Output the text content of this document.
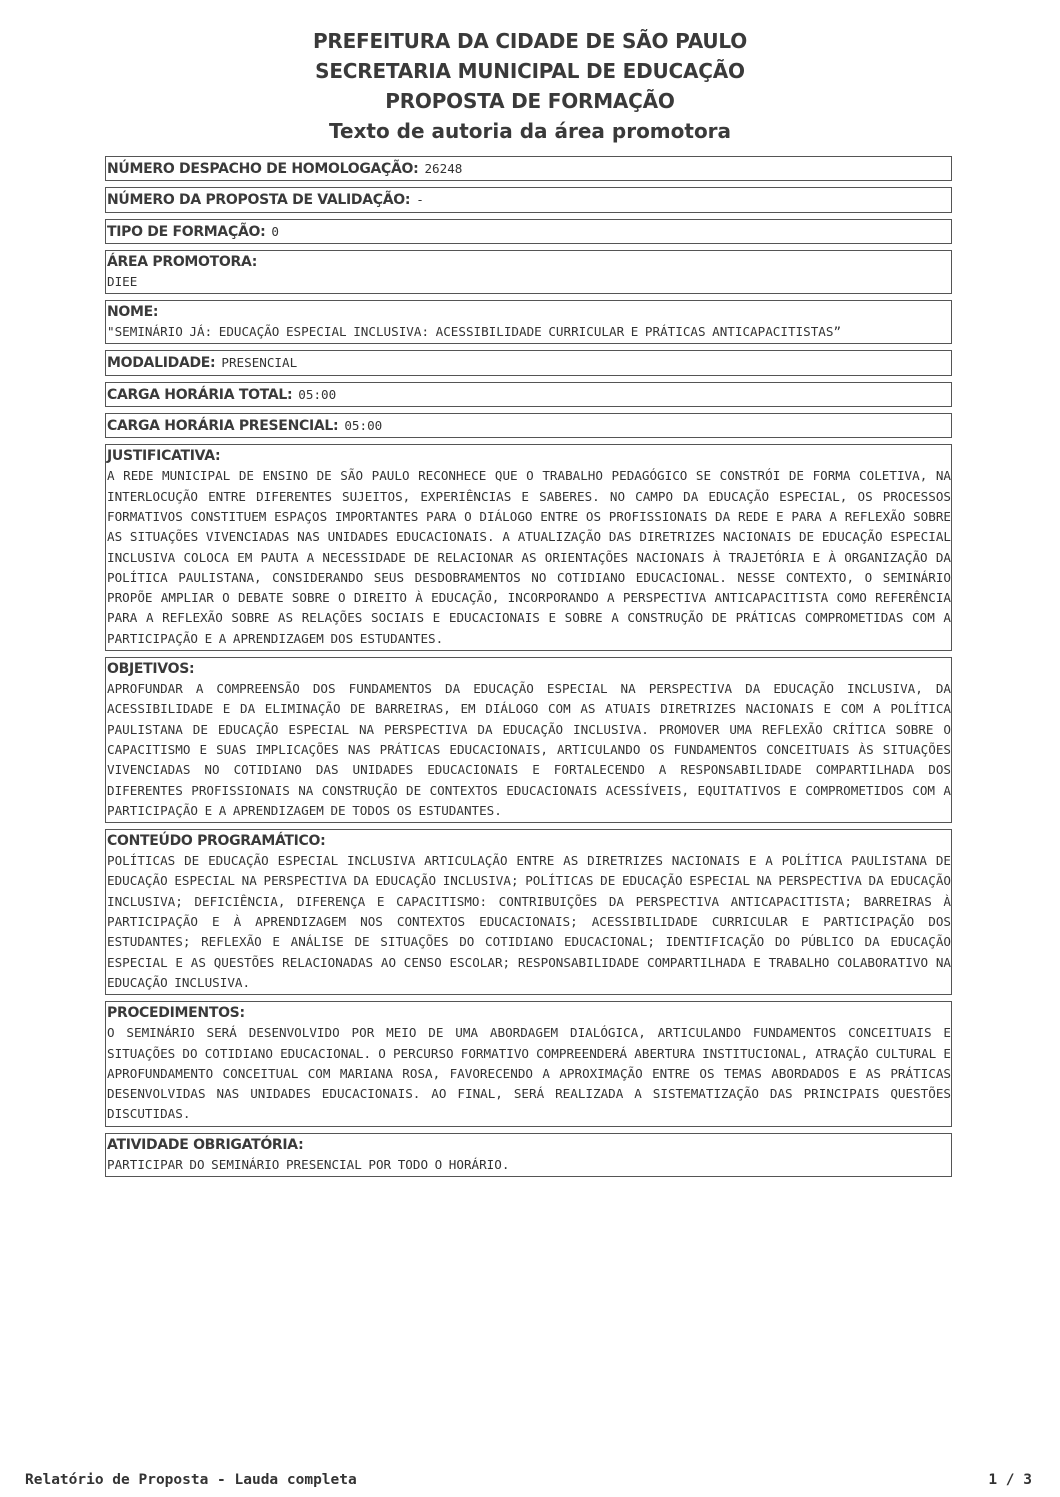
PREFEITURA DA CIDADE DE SÃO PAULO
SECRETARIA MUNICIPAL DE EDUCAÇÃO
PROPOSTA DE FORMAÇÃO
Texto de autoria da área promotora
NÚMERO DESPACHO DE HOMOLOGAÇÃO: 26248
NÚMERO DA PROPOSTA DE VALIDAÇÃO: -
TIPO DE FORMAÇÃO: 0
ÁREA PROMOTORA:
DIEE
NOME:
"SEMINÁRIO JÁ: EDUCAÇÃO ESPECIAL INCLUSIVA: ACESSIBILIDADE CURRICULAR E PRÁTICAS ANTICAPACITISTAS”
MODALIDADE: PRESENCIAL
CARGA HORÁRIA TOTAL: 05:00
CARGA HORÁRIA PRESENCIAL: 05:00
JUSTIFICATIVA:
A REDE MUNICIPAL DE ENSINO DE SÃO PAULO RECONHECE QUE O TRABALHO PEDAGÓGICO SE CONSTRÓI DE FORMA COLETIVA, NA INTERLOCUÇÃO ENTRE DIFERENTES SUJEITOS, EXPERIÊNCIAS E SABERES. NO CAMPO DA EDUCAÇÃO ESPECIAL, OS PROCESSOS FORMATIVOS CONSTITUEM ESPAÇOS IMPORTANTES PARA O DIÁLOGO ENTRE OS PROFISSIONAIS DA REDE E PARA A REFLEXÃO SOBRE AS SITUAÇÕES VIVENCIADAS NAS UNIDADES EDUCACIONAIS. A ATUALIZAÇÃO DAS DIRETRIZES NACIONAIS DE EDUCAÇÃO ESPECIAL INCLUSIVA COLOCA EM PAUTA A NECESSIDADE DE RELACIONAR AS ORIENTAÇÕES NACIONAIS À TRAJETÓRIA E À ORGANIZAÇÃO DA POLÍTICA PAULISTANA, CONSIDERANDO SEUS DESDOBRAMENTOS NO COTIDIANO EDUCACIONAL. NESSE CONTEXTO, O SEMINÁRIO PROPÕE AMPLIAR O DEBATE SOBRE O DIREITO À EDUCAÇÃO, INCORPORANDO A PERSPECTIVA ANTICAPACITISTA COMO REFERÊNCIA PARA A REFLEXÃO SOBRE AS RELAÇÕES SOCIAIS E EDUCACIONAIS E SOBRE A CONSTRUÇÃO DE PRÁTICAS COMPROMETIDAS COM A PARTICIPAÇÃO E A APRENDIZAGEM DOS ESTUDANTES.
OBJETIVOS:
APROFUNDAR A COMPREENSÃO DOS FUNDAMENTOS DA EDUCAÇÃO ESPECIAL NA PERSPECTIVA DA EDUCAÇÃO INCLUSIVA, DA ACESSIBILIDADE E DA ELIMINAÇÃO DE BARREIRAS, EM DIÁLOGO COM AS ATUAIS DIRETRIZES NACIONAIS E COM A POLÍTICA PAULISTANA DE EDUCAÇÃO ESPECIAL NA PERSPECTIVA DA EDUCAÇÃO INCLUSIVA. PROMOVER UMA REFLEXÃO CRÍTICA SOBRE O CAPACITISMO E SUAS IMPLICAÇÕES NAS PRÁTICAS EDUCACIONAIS, ARTICULANDO OS FUNDAMENTOS CONCEITUAIS ÀS SITUAÇÕES VIVENCIADAS NO COTIDIANO DAS UNIDADES EDUCACIONAIS E FORTALECENDO A RESPONSABILIDADE COMPARTILHADA DOS DIFERENTES PROFISSIONAIS NA CONSTRUÇÃO DE CONTEXTOS EDUCACIONAIS ACESSÍVEIS, EQUITATIVOS E COMPROMETIDOS COM A PARTICIPAÇÃO E A APRENDIZAGEM DE TODOS OS ESTUDANTES.
CONTEÚDO PROGRAMÁTICO:
POLÍTICAS DE EDUCAÇÃO ESPECIAL INCLUSIVA ARTICULAÇÃO ENTRE AS DIRETRIZES NACIONAIS E A POLÍTICA PAULISTANA DE EDUCAÇÃO ESPECIAL NA PERSPECTIVA DA EDUCAÇÃO INCLUSIVA; POLÍTICAS DE EDUCAÇÃO ESPECIAL NA PERSPECTIVA DA EDUCAÇÃO INCLUSIVA; DEFICIÊNCIA, DIFERENÇA E CAPACITISMO: CONTRIBUIÇÕES DA PERSPECTIVA ANTICAPACITISTA; BARREIRAS À PARTICIPAÇÃO E À APRENDIZAGEM NOS CONTEXTOS EDUCACIONAIS; ACESSIBILIDADE CURRICULAR E PARTICIPAÇÃO DOS ESTUDANTES; REFLEXÃO E ANÁLISE DE SITUAÇÕES DO COTIDIANO EDUCACIONAL; IDENTIFICAÇÃO DO PÚBLICO DA EDUCAÇÃO ESPECIAL E AS QUESTÕES RELACIONADAS AO CENSO ESCOLAR; RESPONSABILIDADE COMPARTILHADA E TRABALHO COLABORATIVO NA EDUCAÇÃO INCLUSIVA.
PROCEDIMENTOS:
O SEMINÁRIO SERÁ DESENVOLVIDO POR MEIO DE UMA ABORDAGEM DIALÓGICA, ARTICULANDO FUNDAMENTOS CONCEITUAIS E SITUAÇÕES DO COTIDIANO EDUCACIONAL. O PERCURSO FORMATIVO COMPREENDERÁ ABERTURA INSTITUCIONAL, ATRAÇÃO CULTURAL E APROFUNDAMENTO CONCEITUAL COM MARIANA ROSA, FAVORECENDO A APROXIMAÇÃO ENTRE OS TEMAS ABORDADOS E AS PRÁTICAS DESENVOLVIDAS NAS UNIDADES EDUCACIONAIS. AO FINAL, SERÁ REALIZADA A SISTEMATIZAÇÃO DAS PRINCIPAIS QUESTÕES DISCUTIDAS.
ATIVIDADE OBRIGATÓRIA:
PARTICIPAR DO SEMINÁRIO PRESENCIAL POR TODO O HORÁRIO.
Relatório de Proposta - Lauda completa	1 / 3
